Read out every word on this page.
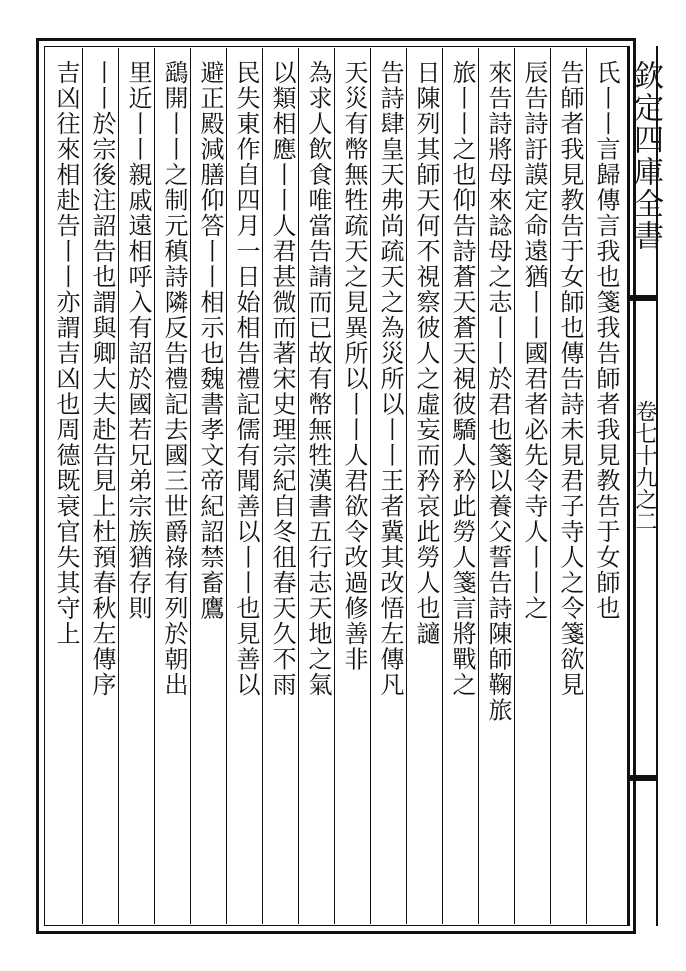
欽定四庫全書
卷七十九之二
氏丨丨言歸傳言我也箋我告師者我見教告于女師也
告師者我見教告于女師也傳告詩未見君子寺人之令箋欲見
辰告詩訏謨定命遠猶丨丨國君者必先令寺人丨丨之
來告詩將母來諗母之志丨丨於君也箋以養父誓告詩陳師鞠旅
旅丨丨之也仰告詩蒼天蒼天視彼驕人矜此勞人箋言將戰之
日陳列其師天何不視察彼人之虛妄而矜哀此勞人也讁
告詩肆皇天弗尚疏天之為災所以丨丨王者冀其改悟左傳凡
天災有幣無牲疏天之見異所以丨丨人君欲令改過修善非
為求人飲食唯當告請而已故有幣無牲漢書五行志天地之氣
以類相應丨丨人君甚微而著宋史理宗紀自冬徂春天久不雨
民失東作自四月一日始相告禮記儒有聞善以丨丨也見善以
避正殿減膳仰答丨丨相示也魏書孝文帝紀詔禁畜鷹
鷂開丨丨之制元稹詩隣反告禮記去國三世爵祿有列於朝出
里近丨丨親戚遠相呼入有詔於國若兄弟宗族猶存則
丨丨於宗後注詔告也謂與卿大夫赴告見上杜預春秋左傳序
吉凶往來相赴告丨丨亦謂吉凶也周德既衰官失其守上
